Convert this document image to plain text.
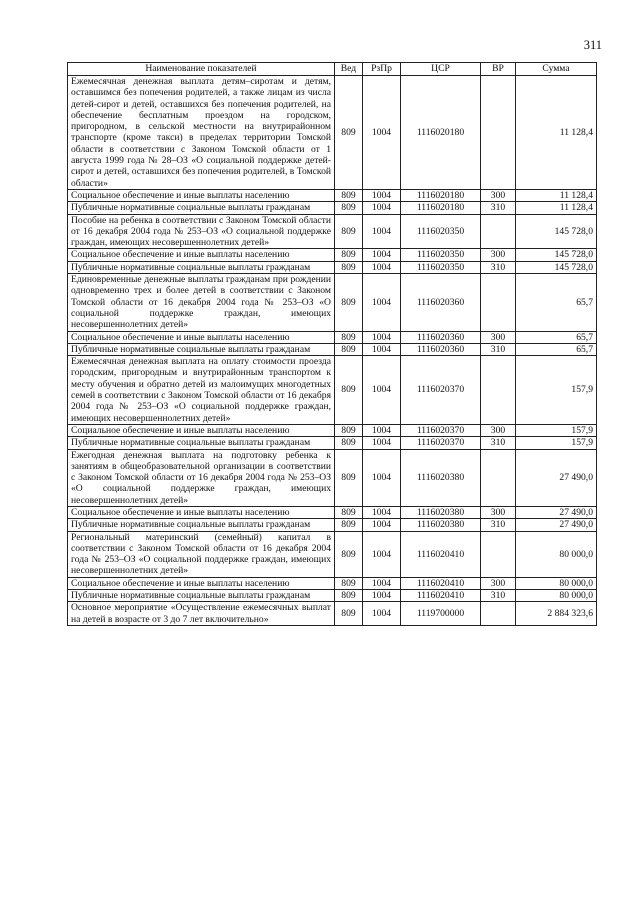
311
Наименование показателей	Вед	РзПр	ЦСР	ВР	Сумма
Ежемесячная денежная выплата детям–сиротам и детям, оставшимся без попечения родителей, а также лицам из числа детей-сирот и детей, оставшихся без попечения родителей, на обеспечение бесплатным проездом на городском, пригородном, в сельской местности на внутрирайонном транспорте (кроме такси) в пределах территории Томской области в соответствии с Законом Томской области от 1 августа 1999 года № 28–ОЗ «О социальной поддержке детей-сирот и детей, оставшихся без попечения родителей, в Томской области»	809	1004	1116020180		11 128,4
Социальное обеспечение и иные выплаты населению	809	1004	1116020180	300	11 128,4
Публичные нормативные социальные выплаты гражданам	809	1004	1116020180	310	11 128,4
Пособие на ребенка в соответствии с Законом Томской области от 16 декабря 2004 года № 253–ОЗ «О социальной поддержке граждан, имеющих несовершеннолетних детей»	809	1004	1116020350		145 728,0
Социальное обеспечение и иные выплаты населению	809	1004	1116020350	300	145 728,0
Публичные нормативные социальные выплаты гражданам	809	1004	1116020350	310	145 728,0
Единовременные денежные выплаты гражданам при рождении одновременно трех и более детей в соответствии с Законом Томской области от 16 декабря 2004 года № 253–ОЗ «О социальной поддержке граждан, имеющих несовершеннолетних детей»	809	1004	1116020360		65,7
Социальное обеспечение и иные выплаты населению	809	1004	1116020360	300	65,7
Публичные нормативные социальные выплаты гражданам	809	1004	1116020360	310	65,7
Ежемесячная денежная выплата на оплату стоимости проезда городским, пригородным и внутрирайонным транспортом к месту обучения и обратно детей из малоимущих многодетных семей в соответствии с Законом Томской области от 16 декабря 2004 года № 253–ОЗ «О социальной поддержке граждан, имеющих несовершеннолетних детей»	809	1004	1116020370		157,9
Социальное обеспечение и иные выплаты населению	809	1004	1116020370	300	157,9
Публичные нормативные социальные выплаты гражданам	809	1004	1116020370	310	157,9
Ежегодная денежная выплата на подготовку ребенка к занятиям в общеобразовательной организации в соответствии с Законом Томской области от 16 декабря 2004 года № 253–ОЗ «О социальной поддержке граждан, имеющих несовершеннолетних детей»	809	1004	1116020380		27 490,0
Социальное обеспечение и иные выплаты населению	809	1004	1116020380	300	27 490,0
Публичные нормативные социальные выплаты гражданам	809	1004	1116020380	310	27 490,0
Региональный материнский (семейный) капитал в соответствии с Законом Томской области от 16 декабря 2004 года № 253–ОЗ «О социальной поддержке граждан, имеющих несовершеннолетних детей»	809	1004	1116020410		80 000,0
Социальное обеспечение и иные выплаты населению	809	1004	1116020410	300	80 000,0
Публичные нормативные социальные выплаты гражданам	809	1004	1116020410	310	80 000,0
Основное мероприятие «Осуществление ежемесячных выплат на детей в возрасте от 3 до 7 лет включительно»	809	1004	1119700000		2 884 323,6
